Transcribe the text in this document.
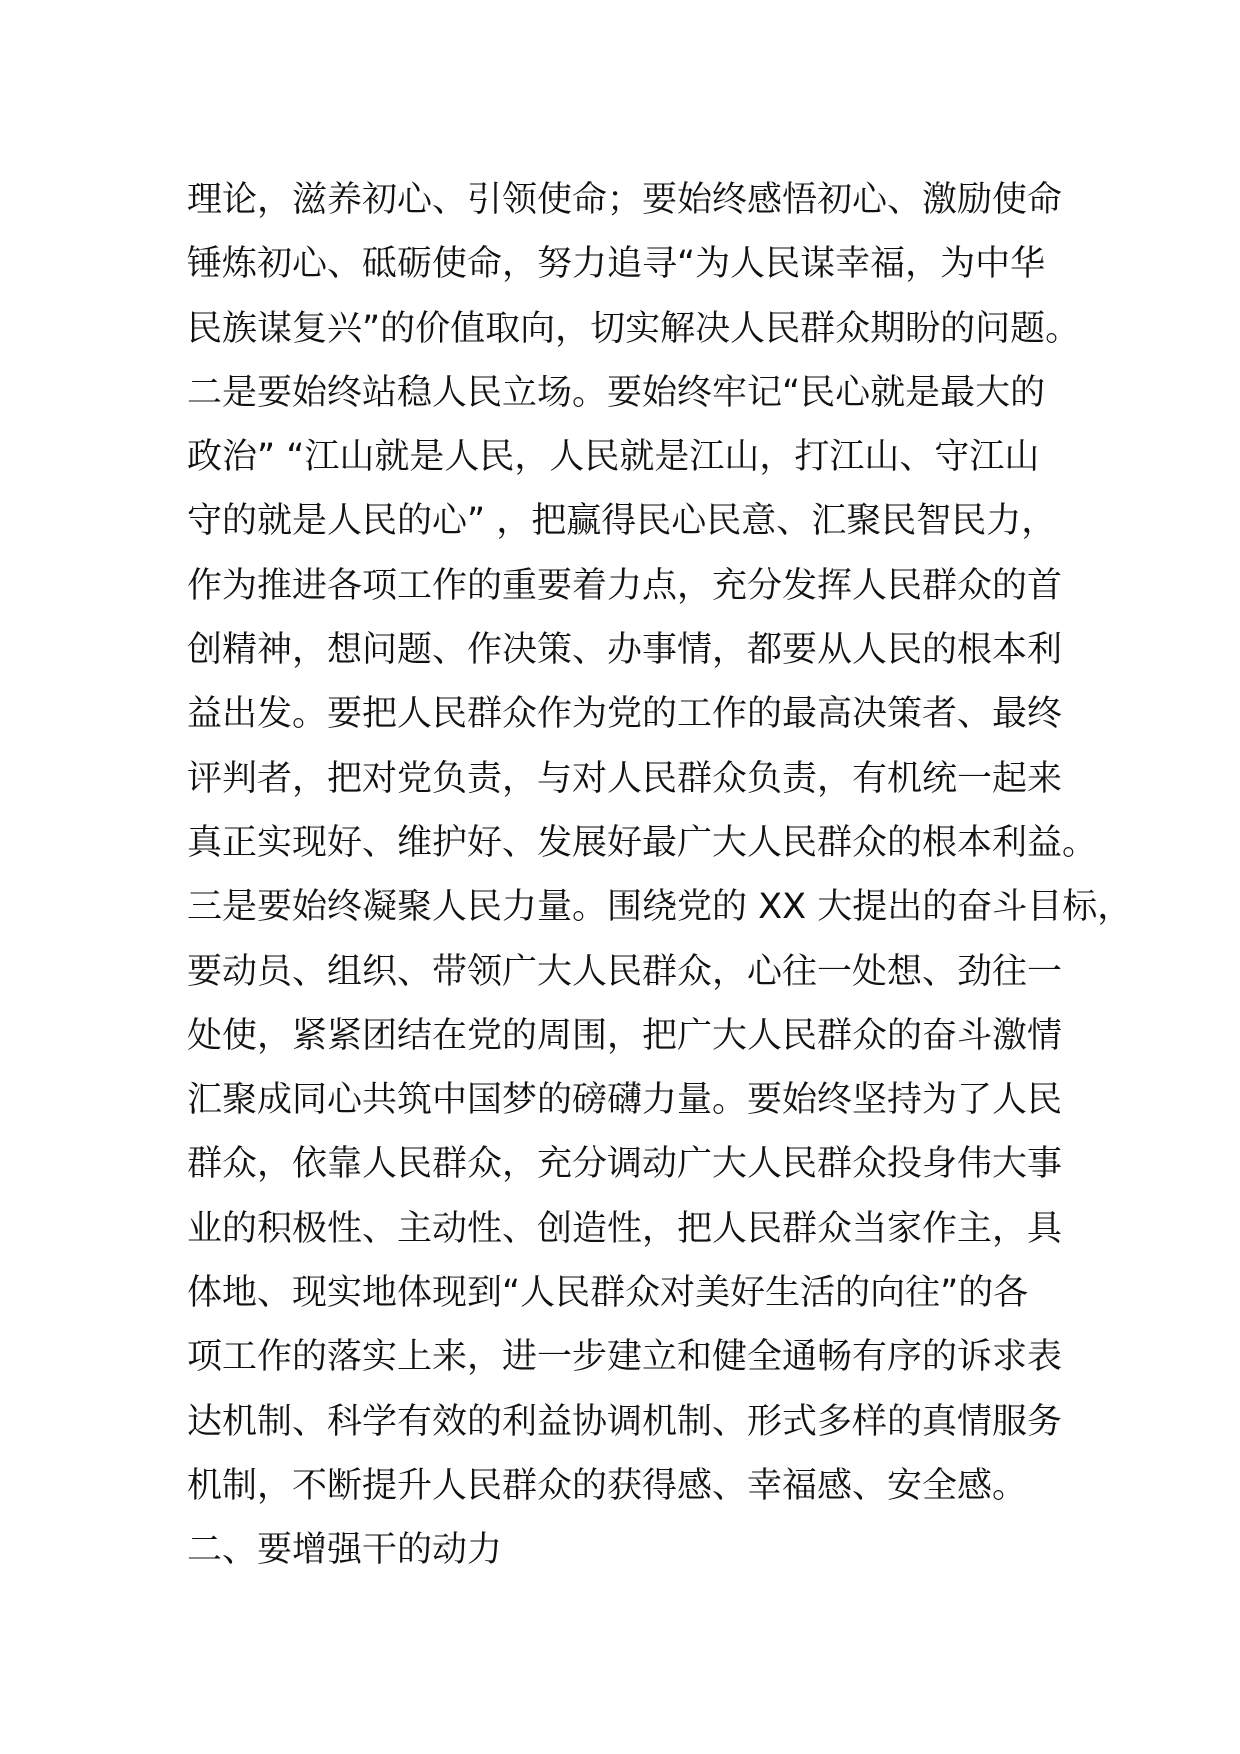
理论，滋养初心、引领使命；要始终感悟初心、激励使命
锤炼初心、砥砺使命，努力追寻“为人民谋幸福，为中华
民族谋复兴”的价值取向，切实解决人民群众期盼的问题。
二是要始终站稳人民立场。要始终牢记“民心就是最大的
政治” “江山就是人民，人民就是江山，打江山、守江山
守的就是人民的心” ，把赢得民心民意、汇聚民智民力，
作为推进各项工作的重要着力点，充分发挥人民群众的首
创精神，想问题、作决策、办事情，都要从人民的根本利
益出发。要把人民群众作为党的工作的最高决策者、最终
评判者，把对党负责，与对人民群众负责，有机统一起来
真正实现好、维护好、发展好最广大人民群众的根本利益。
三是要始终凝聚人民力量。围绕党的 XX 大提出的奋斗目标，
要动员、组织、带领广大人民群众，心往一处想、劲往一
处使，紧紧团结在党的周围，把广大人民群众的奋斗激情
汇聚成同心共筑中国梦的磅礴力量。要始终坚持为了人民
群众，依靠人民群众，充分调动广大人民群众投身伟大事
业的积极性、主动性、创造性，把人民群众当家作主，具
体地、现实地体现到“人民群众对美好生活的向往”的各
项工作的落实上来，进一步建立和健全通畅有序的诉求表
达机制、科学有效的利益协调机制、形式多样的真情服务
机制，不断提升人民群众的获得感、幸福感、安全感。
二、要增强干的动力
